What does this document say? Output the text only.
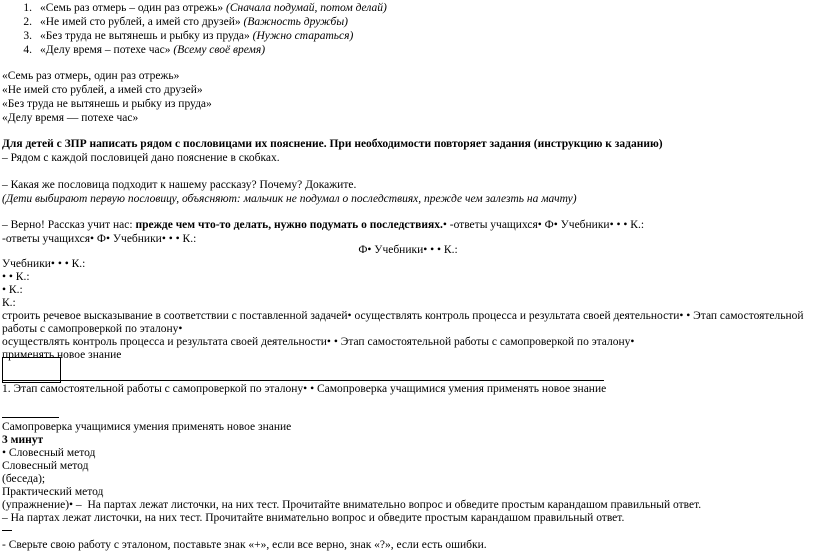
1. «Семь раз отмерь – один раз отрежь» (Сначала подумай, потом делай)
2. «Не имей сто рублей, а имей сто друзей» (Важность дружбы)
3. «Без труда не вытянешь и рыбку из пруда» (Нужно стараться)
4. «Делу время – потехе час» (Всему своё время)
«Семь раз отмерь, один раз отрежь»
«Не имей сто рублей, а имей сто друзей»
«Без труда не вытянешь и рыбку из пруда»
«Делу время — потехе час»
Для детей с ЗПР написать рядом с пословицами их пояснение. При необходимости повторяет задания (инструкцию к заданию)
– Рядом с каждой пословицей дано пояснение в скобках.
– Какая же пословица подходит к нашему рассказу? Почему? Докажите.
(Дети выбирают первую пословицу, объясняют: мальчик не подумал о последствиях, прежде чем залезть на мачту)
– Верно! Рассказ учит нас: прежде чем что-то делать, нужно подумать о последствиях.• -ответы учащихся• Ф• Учебники• • • К.:
-ответы учащихся• Ф• Учебники• • • К.:
Ф• Учебники• • • К.:
Учебники• • • К.:
• • К.:
• К.:
К.:
строить речевое высказывание в соответствии с поставленной задачей• осуществлять контроль процесса и результата своей деятельности• • Этап самостоятельной
работы с самопроверкой по эталону•
осуществлять контроль процесса и результата своей деятельности• • Этап самостоятельной работы с самопроверкой по эталону•
применять новое знание
1. Этап самостоятельной работы с самопроверкой по эталону• • Самопроверка учащимися умения применять новое знание
Самопроверка учащимися умения применять новое знание
3 минут
• Словесный метод
Словесный метод
(беседа);
Практический метод
(упражнение)• – На партах лежат листочки, на них тест. Прочитайте внимательно вопрос и обведите простым карандашом правильный ответ.
– На партах лежат листочки, на них тест. Прочитайте внимательно вопрос и обведите простым карандашом правильный ответ.
- Сверьте свою работу с эталоном, поставьте знак «+», если все верно, знак «?», если есть ошибки.
